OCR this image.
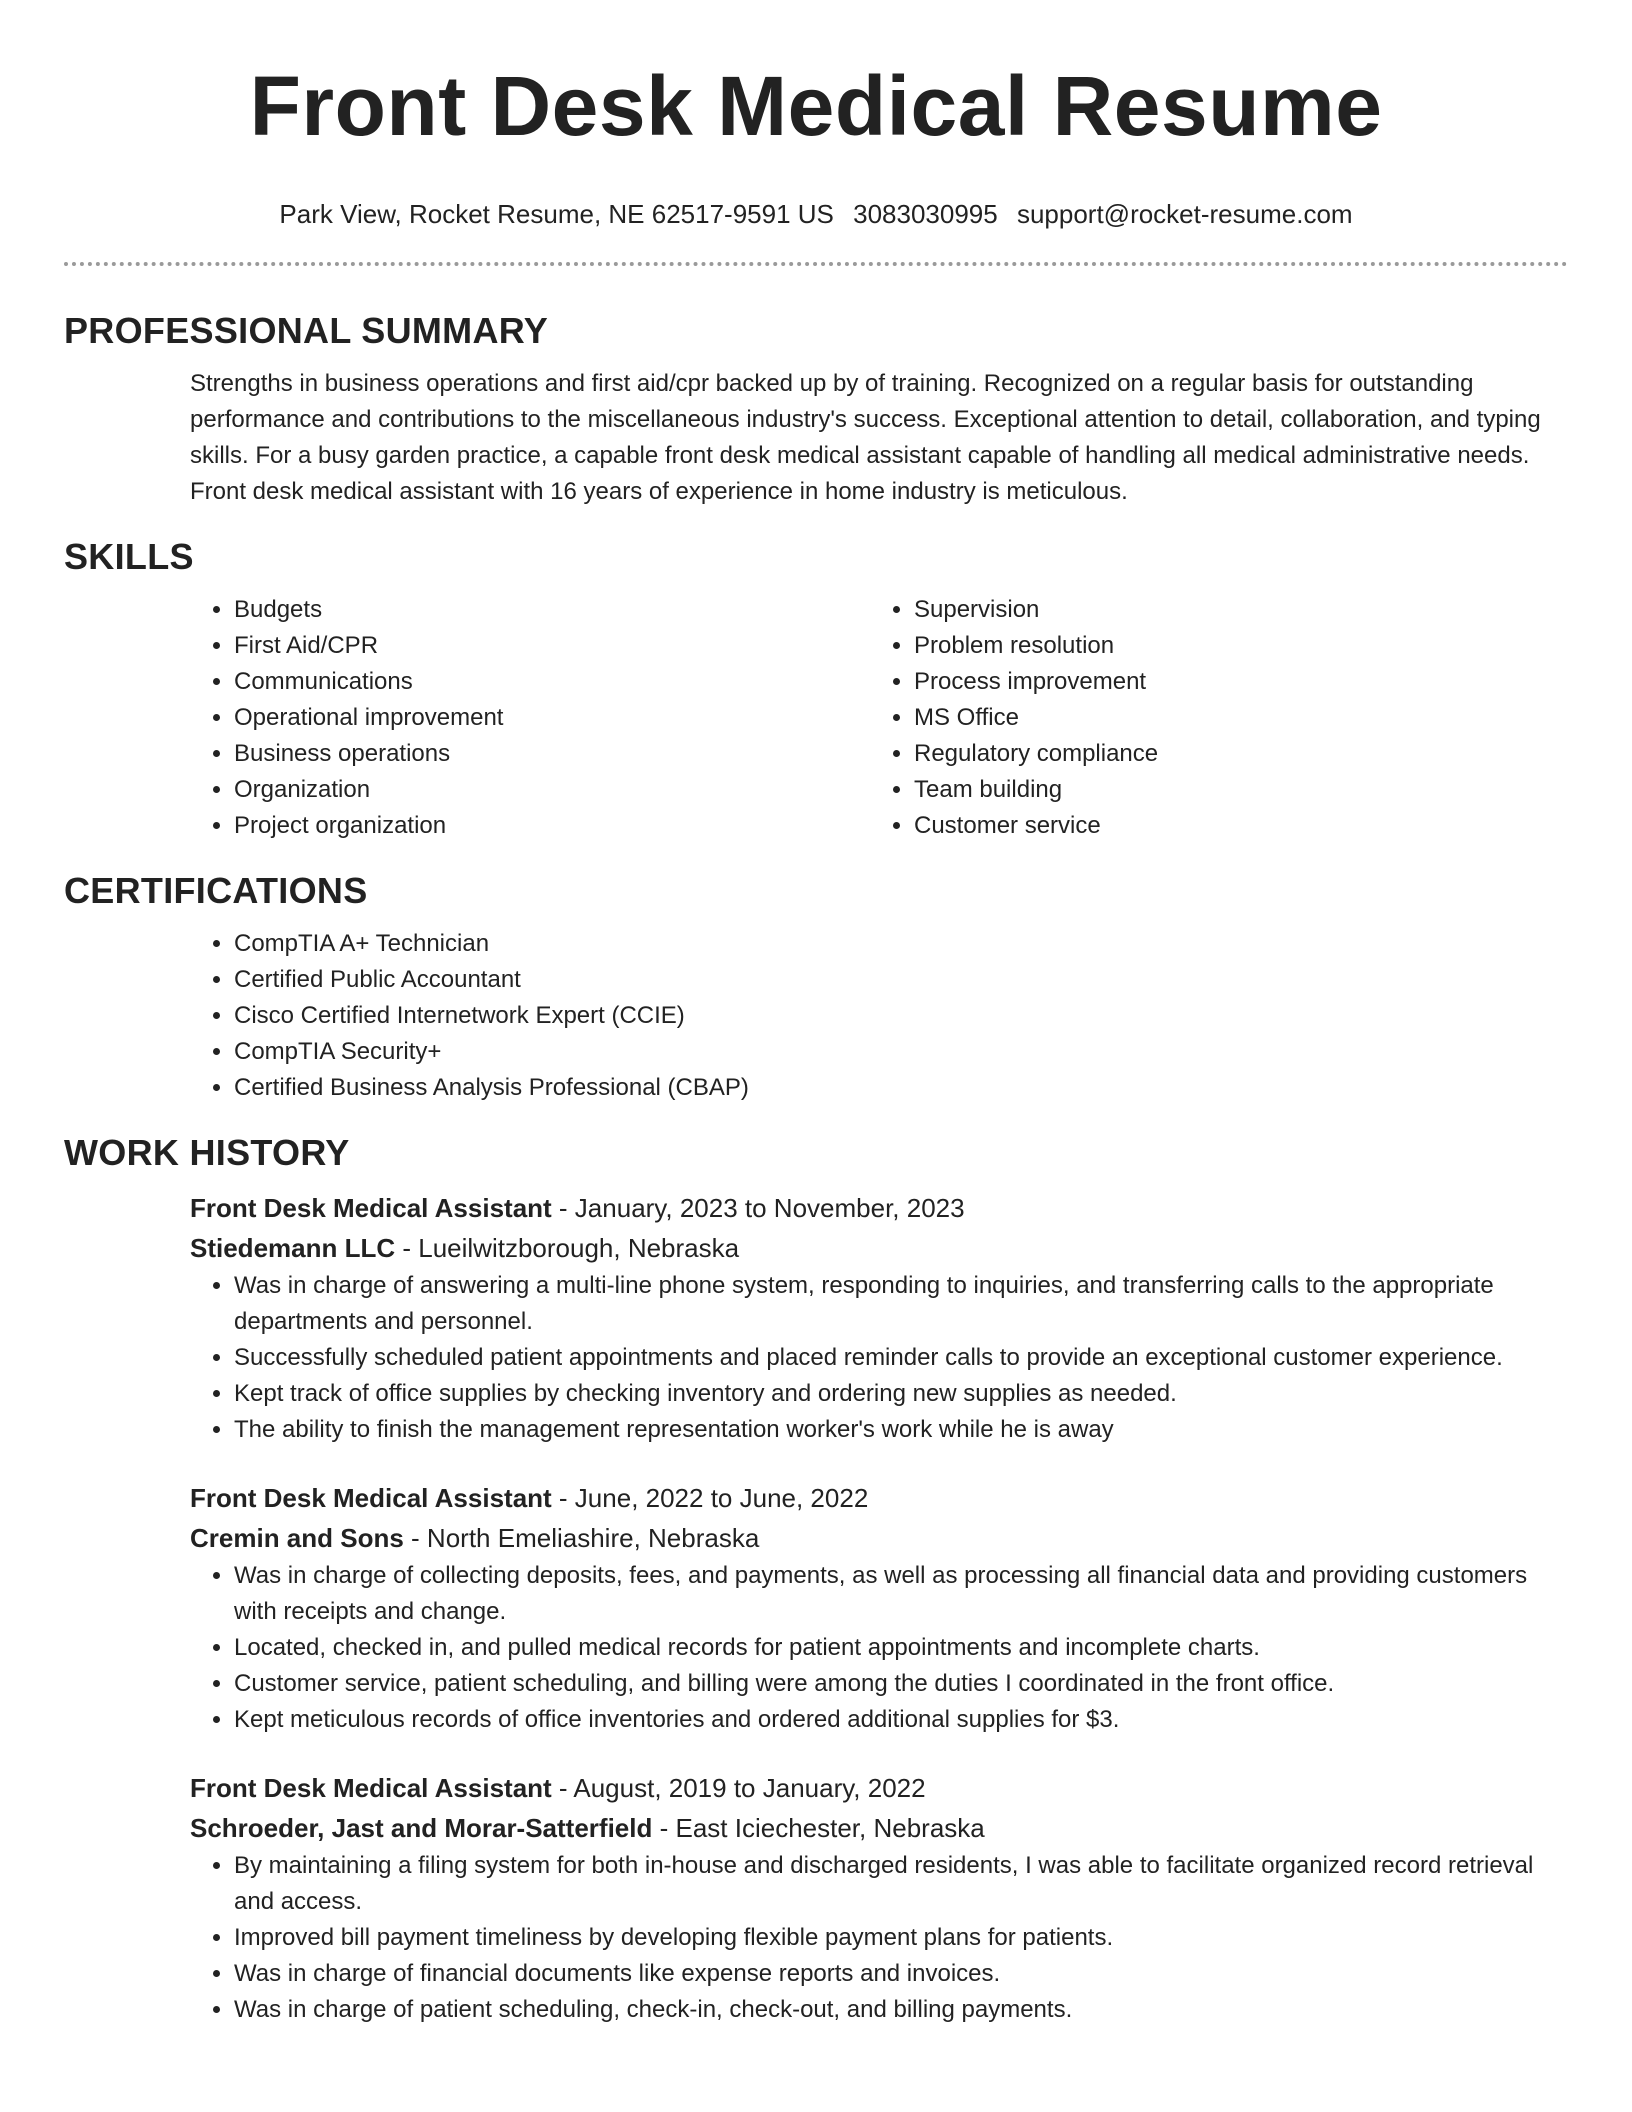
Front Desk Medical Resume
Park View, Rocket Resume, NE 62517-9591 US 3083030995 support@rocket-resume.com
PROFESSIONAL SUMMARY

Strengths in business operations and first aid/cpr backed up by of training. Recognized on a regular basis for outstanding performance and contributions to the miscellaneous industry's success. Exceptional attention to detail, collaboration, and typing skills. For a busy garden practice, a capable front desk medical assistant capable of handling all medical administrative needs. Front desk medical assistant with 16 years of experience in home industry is meticulous.

SKILLS
• Budgets
• First Aid/CPR
• Communications
• Operational improvement
• Business operations
• Organization
• Project organization
• Supervision
• Problem resolution
• Process improvement
• MS Office
• Regulatory compliance
• Team building
• Customer service
CERTIFICATIONS
• CompTIA A+ Technician
• Certified Public Accountant
• Cisco Certified Internetwork Expert (CCIE)
• CompTIA Security+
• Certified Business Analysis Professional (CBAP)
WORK HISTORY
Front Desk Medical Assistant - January, 2023 to November, 2023
Stiedemann LLC - Lueilwitzborough, Nebraska
• Was in charge of answering a multi-line phone system, responding to inquiries, and transferring calls to the appropriate departments and personnel.
• Successfully scheduled patient appointments and placed reminder calls to provide an exceptional customer experience.
• Kept track of office supplies by checking inventory and ordering new supplies as needed.
• The ability to finish the management representation worker's work while he is away
Front Desk Medical Assistant - June, 2022 to June, 2022
Cremin and Sons - North Emeliashire, Nebraska
• Was in charge of collecting deposits, fees, and payments, as well as processing all financial data and providing customers with receipts and change.
• Located, checked in, and pulled medical records for patient appointments and incomplete charts.
• Customer service, patient scheduling, and billing were among the duties I coordinated in the front office.
• Kept meticulous records of office inventories and ordered additional supplies for $3.
Front Desk Medical Assistant - August, 2019 to January, 2022
Schroeder, Jast and Morar-Satterfield - East Iciechester, Nebraska
• By maintaining a filing system for both in-house and discharged residents, I was able to facilitate organized record retrieval and access.
• Improved bill payment timeliness by developing flexible payment plans for patients.
• Was in charge of financial documents like expense reports and invoices.
• Was in charge of patient scheduling, check-in, check-out, and billing payments.
